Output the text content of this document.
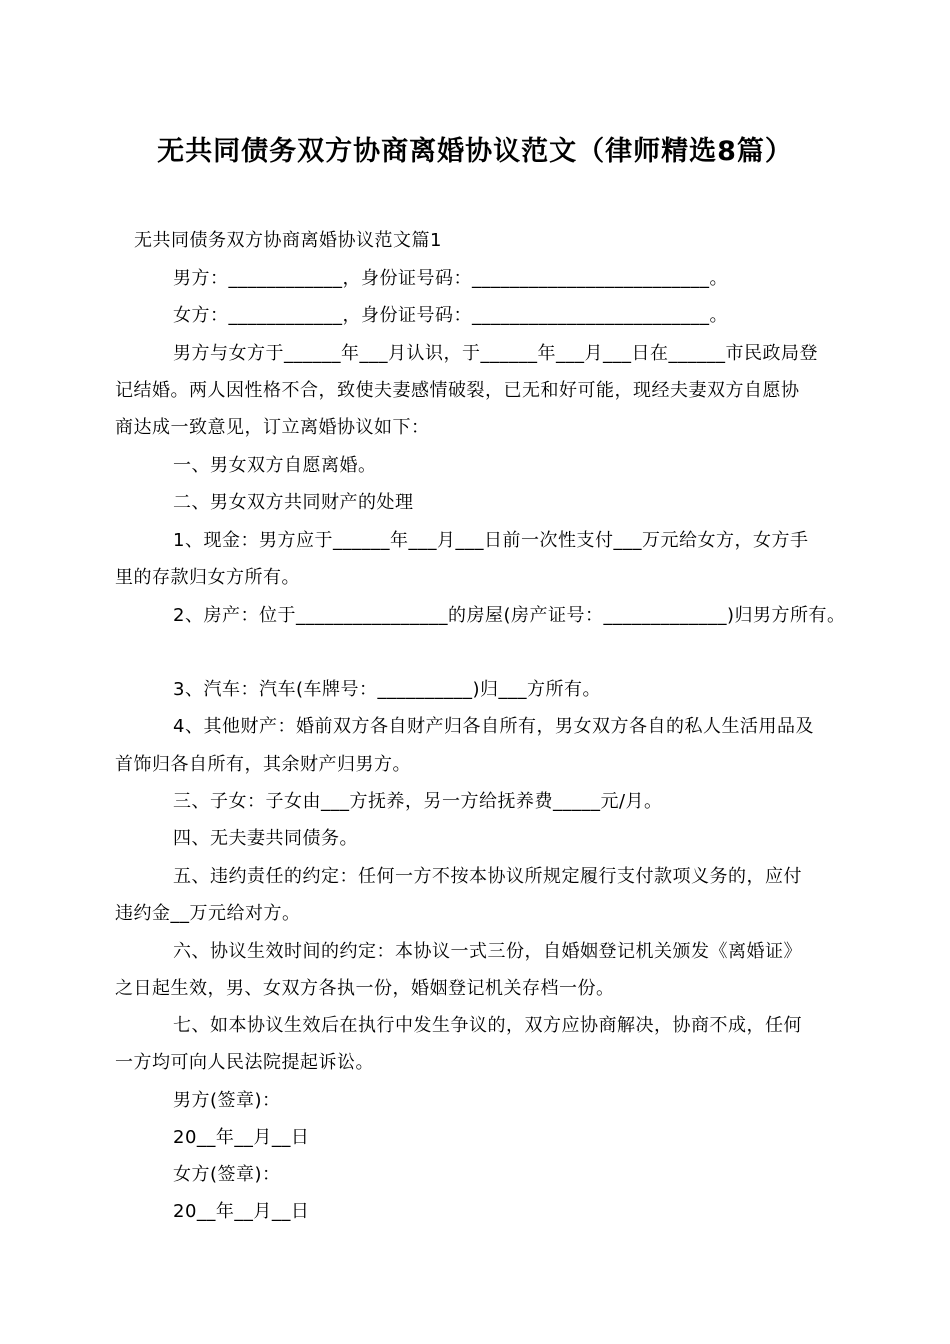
无共同债务双方协商离婚协议范文（律师精选8篇）
无共同债务双方协商离婚协议范文篇1
男方：____________，身份证号码：_________________________。
女方：____________，身份证号码：_________________________。
男方与女方于______年___月认识，于______年___月___日在______市民政局登
记结婚。两人因性格不合，致使夫妻感情破裂，已无和好可能，现经夫妻双方自愿协
商达成一致意见，订立离婚协议如下：
一、男女双方自愿离婚。
二、男女双方共同财产的处理
1、现金：男方应于______年___月___日前一次性支付___万元给女方，女方手
里的存款归女方所有。
2、房产：位于________________的房屋(房产证号：_____________)归男方所有。
3、汽车：汽车(车牌号：__________)归___方所有。
4、其他财产：婚前双方各自财产归各自所有，男女双方各自的私人生活用品及
首饰归各自所有，其余财产归男方。
三、子女：子女由___方抚养，另一方给抚养费_____元/月。
四、无夫妻共同债务。
五、违约责任的约定：任何一方不按本协议所规定履行支付款项义务的，应付
违约金__万元给对方。
六、协议生效时间的约定：本协议一式三份，自婚姻登记机关颁发《离婚证》
之日起生效，男、女双方各执一份，婚姻登记机关存档一份。
七、如本协议生效后在执行中发生争议的，双方应协商解决，协商不成，任何
一方均可向人民法院提起诉讼。
男方(签章)：
20__年__月__日
女方(签章)：
20__年__月__日
